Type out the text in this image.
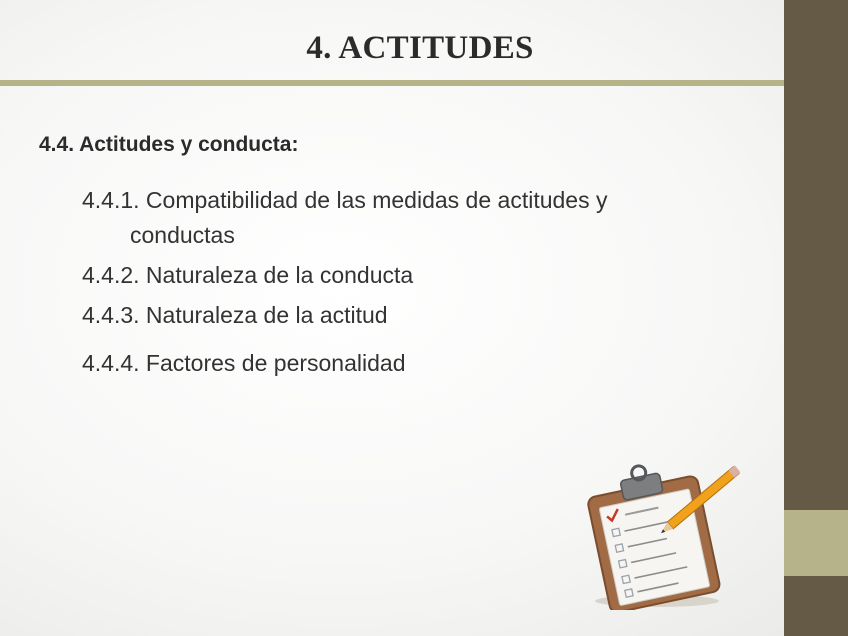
4. ACTITUDES
4.4. Actitudes y conducta:
4.4.1. Compatibilidad de las medidas de actitudes y
conductas
4.4.2. Naturaleza de la conducta
4.4.3. Naturaleza de la actitud
4.4.4. Factores de personalidad
